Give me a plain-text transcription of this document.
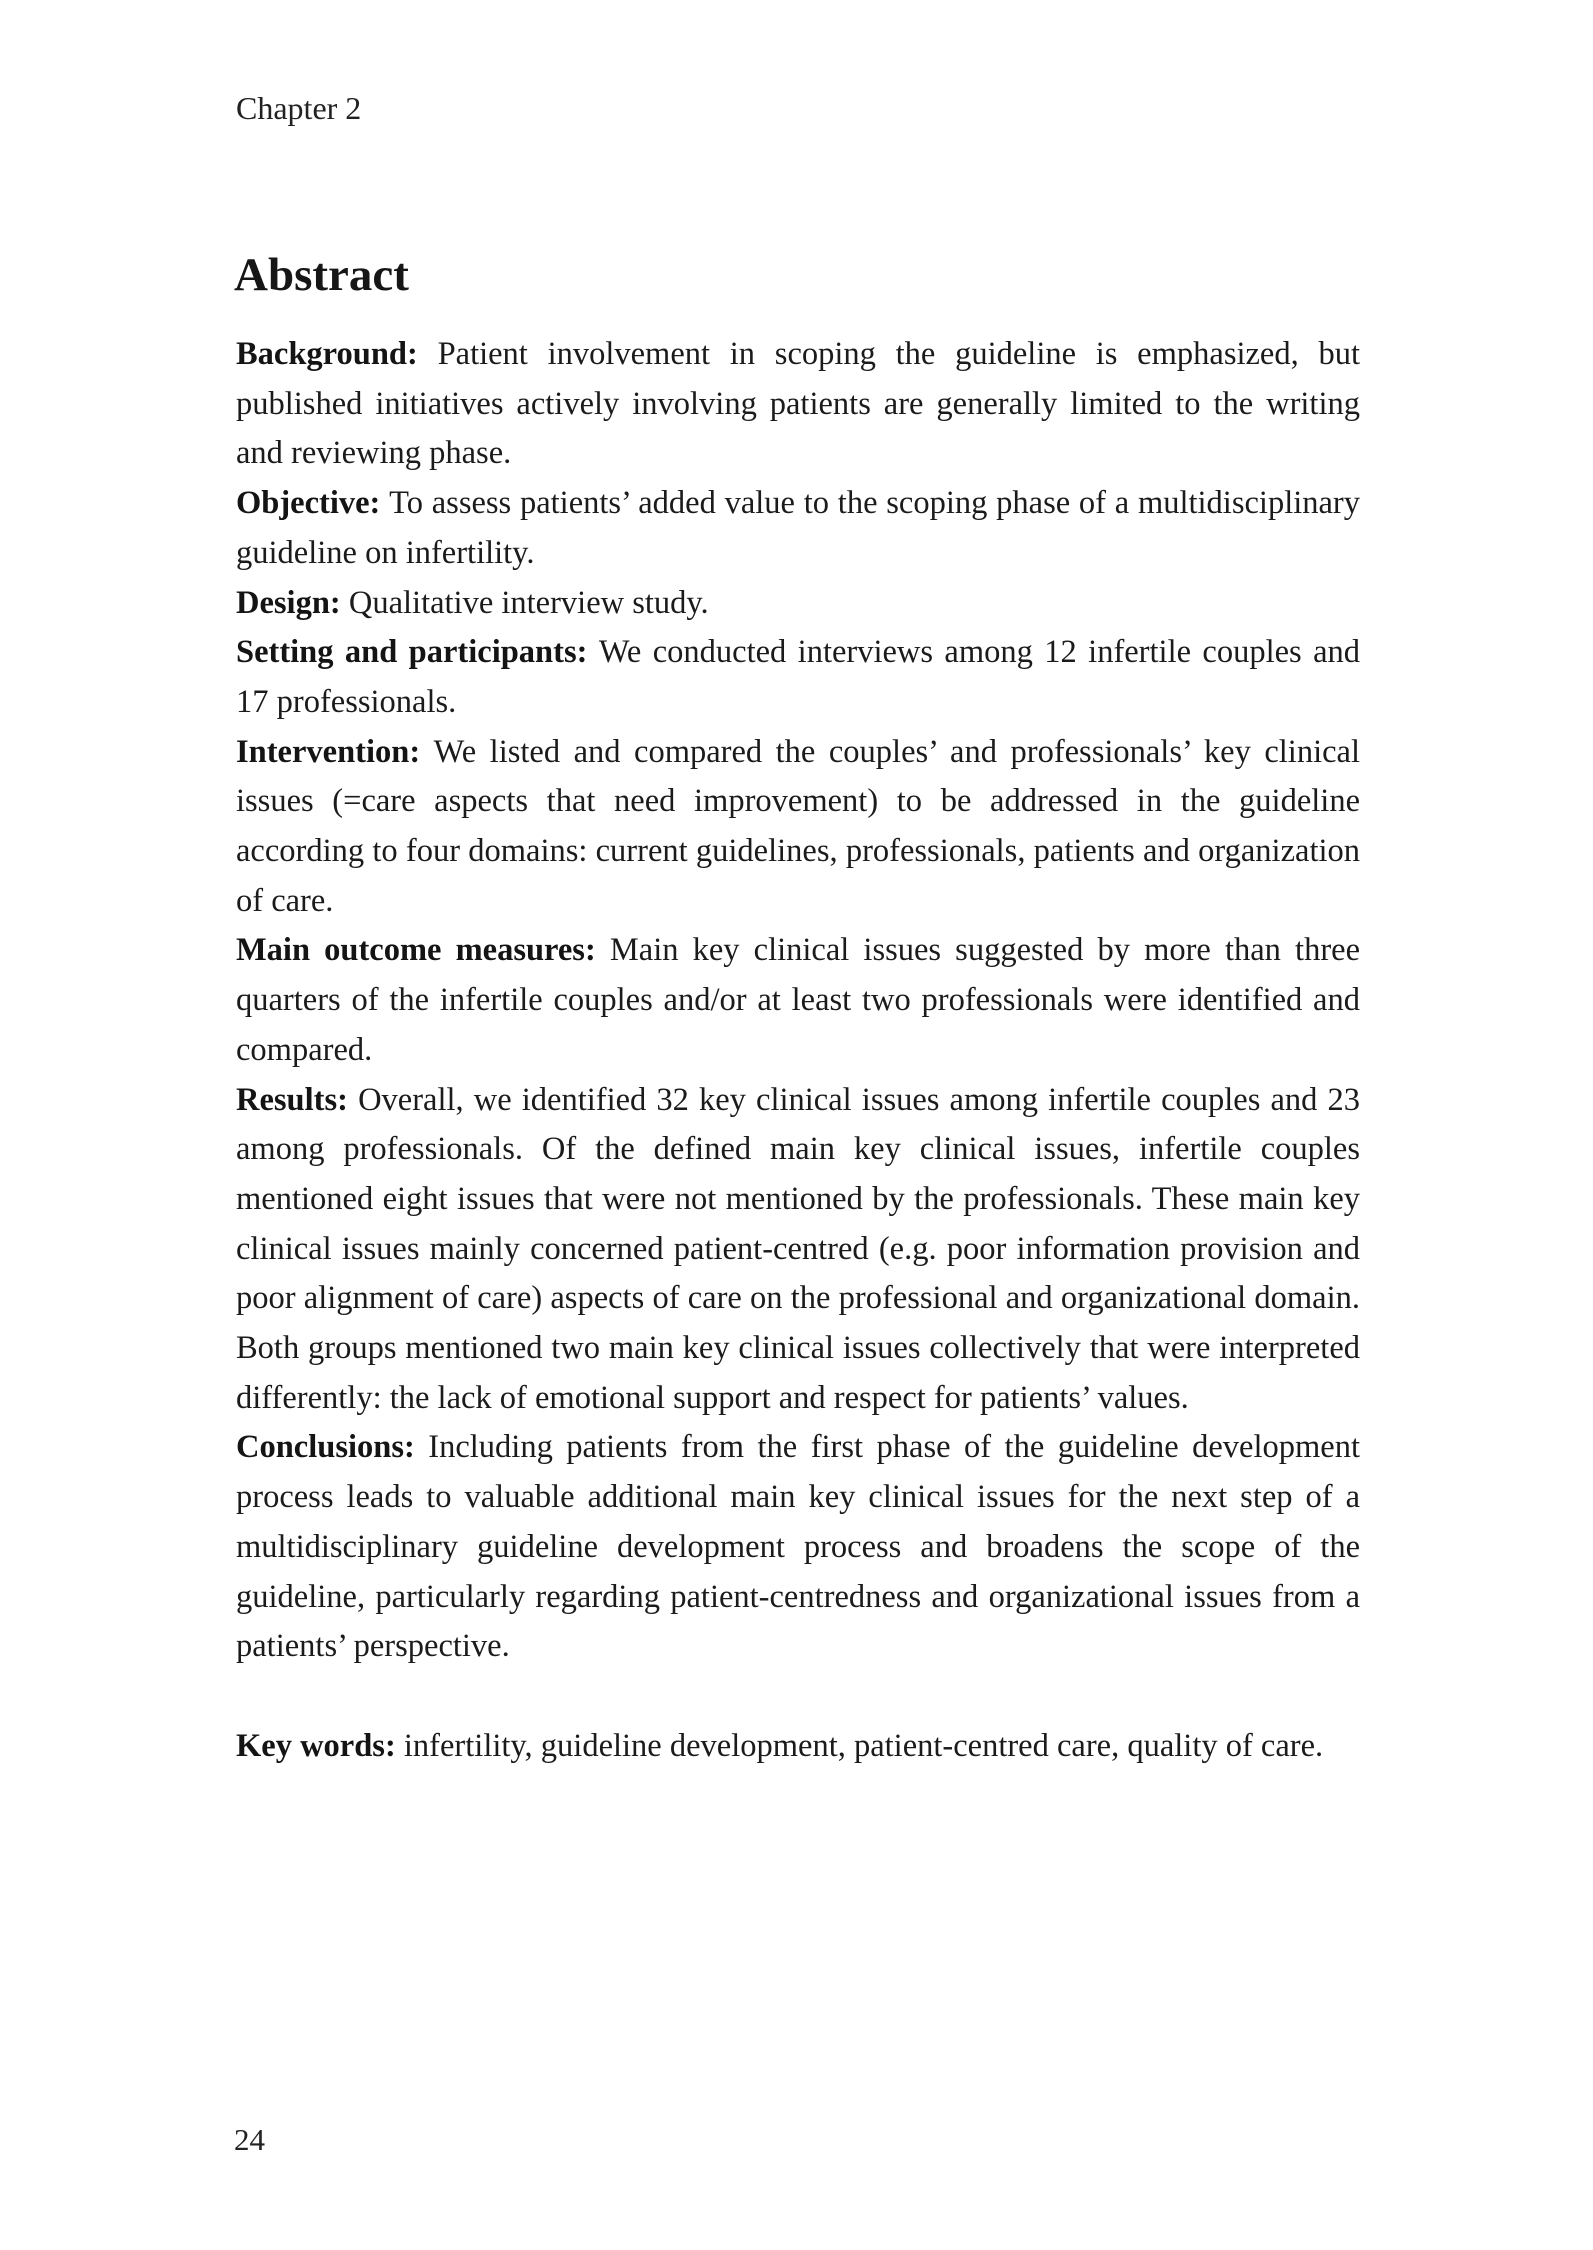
Chapter 2
Abstract

Background: Patient involvement in scoping the guideline is emphasized, but published initiatives actively involving patients are generally limited to the writing and reviewing phase.

Objective: To assess patients’ added value to the scoping phase of a multidisciplinary guideline on infertility.

Design: Qualitative interview study.

Setting and participants: We conducted interviews among 12 infertile couples and 17 professionals.

Intervention: We listed and compared the couples’ and professionals’ key clinical issues (=care aspects that need improvement) to be addressed in the guideline according to four domains: current guidelines, professionals, patients and organization of care.

Main outcome measures: Main key clinical issues suggested by more than three quarters of the infertile couples and/or at least two professionals were identified and compared.

Results: Overall, we identified 32 key clinical issues among infertile couples and 23 among professionals. Of the defined main key clinical issues, infertile couples mentioned eight issues that were not mentioned by the professionals. These main key clinical issues mainly concerned patient-centred (e.g. poor information provision and poor alignment of care) aspects of care on the professional and organizational domain. Both groups mentioned two main key clinical issues collectively that were interpreted differently: the lack of emotional support and respect for patients’ values.

Conclusions: Including patients from the first phase of the guideline development process leads to valuable additional main key clinical issues for the next step of a multidisciplinary guideline development process and broadens the scope of the guideline, particularly regarding patient-centredness and organizational issues from a patients’ perspective.

Key words: infertility, guideline development, patient-centred care, quality of care.

24
